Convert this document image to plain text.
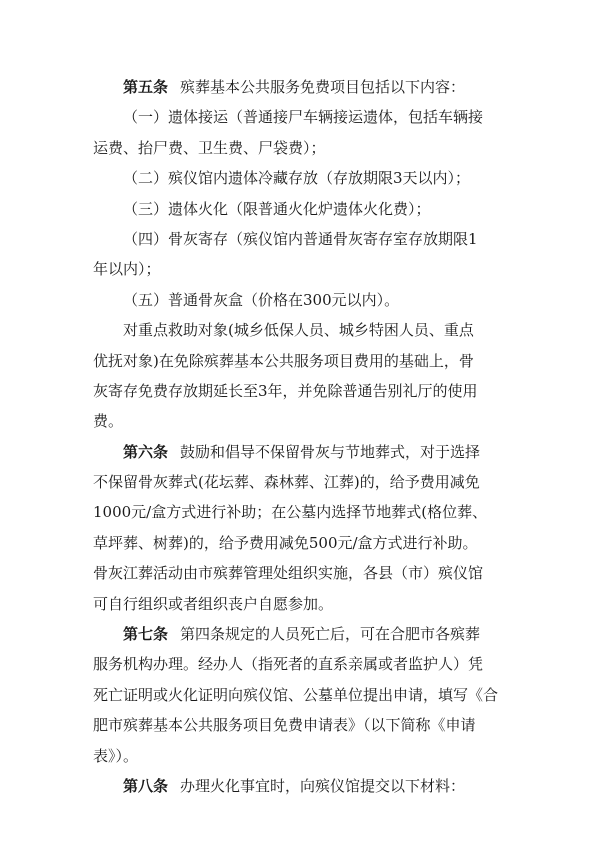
第五条 殡葬基本公共服务免费项目包括以下内容：
（一）遗体接运（普通接尸车辆接运遗体，包括车辆接
运费、抬尸费、卫生费、尸袋费）；
（二）殡仪馆内遗体冷藏存放（存放期限3天以内）；
（三）遗体火化（限普通火化炉遗体火化费）；
（四）骨灰寄存（殡仪馆内普通骨灰寄存室存放期限1
年以内）；
（五）普通骨灰盒（价格在300元以内）。
对重点救助对象(城乡低保人员、城乡特困人员、重点
优抚对象)在免除殡葬基本公共服务项目费用的基础上，骨
灰寄存免费存放期延长至3年，并免除普通告别礼厅的使用
费。
第六条 鼓励和倡导不保留骨灰与节地葬式，对于选择
不保留骨灰葬式(花坛葬、森林葬、江葬)的，给予费用减免
1000元/盒方式进行补助；在公墓内选择节地葬式(格位葬、
草坪葬、树葬)的，给予费用减免500元/盒方式进行补助。
骨灰江葬活动由市殡葬管理处组织实施，各县（市）殡仪馆
可自行组织或者组织丧户自愿参加。
第七条 第四条规定的人员死亡后，可在合肥市各殡葬
服务机构办理。经办人（指死者的直系亲属或者监护人）凭
死亡证明或火化证明向殡仪馆、公墓单位提出申请，填写《合
肥市殡葬基本公共服务项目免费申请表》（以下简称《申请
表》）。
第八条 办理火化事宜时，向殡仪馆提交以下材料：
